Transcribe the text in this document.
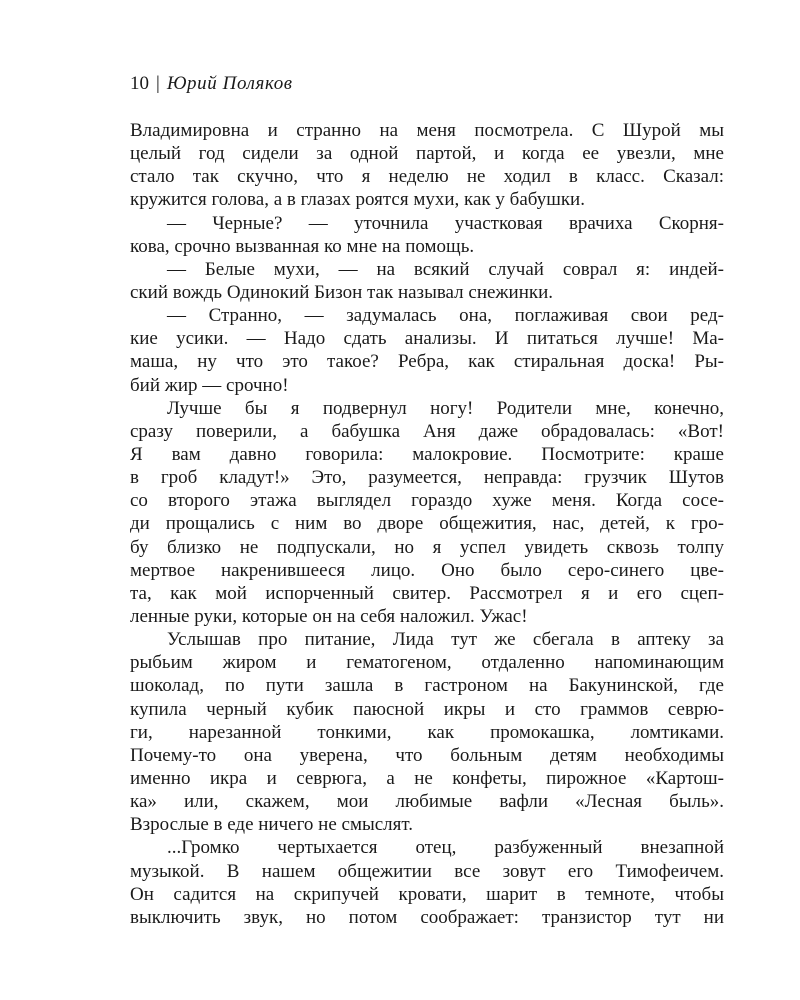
10 | Юрий Поляков
Владимировна и странно на меня посмотрела. С Шурой мы
целый год сидели за одной партой, и когда ее увезли, мне
стало так скучно, что я неделю не ходил в класс. Сказал:
кружится голова, а в глазах роятся мухи, как у бабушки.
— Черные? — уточнила участковая врачиха Скорня-
кова, срочно вызванная ко мне на помощь.
— Белые мухи, — на всякий случай соврал я: индей-
ский вождь Одинокий Бизон так называл снежинки.
— Странно, — задумалась она, поглаживая свои ред-
кие усики. — Надо сдать анализы. И питаться лучше! Ма-
маша, ну что это такое? Ребра, как стиральная доска! Ры-
бий жир — срочно!
Лучше бы я подвернул ногу! Родители мне, конечно,
сразу поверили, а бабушка Аня даже обрадовалась: «Вот!
Я вам давно говорила: малокровие. Посмотрите: краше
в гроб кладут!» Это, разумеется, неправда: грузчик Шутов
со второго этажа выглядел гораздо хуже меня. Когда сосе-
ди прощались с ним во дворе общежития, нас, детей, к гро-
бу близко не подпускали, но я успел увидеть сквозь толпу
мертвое накренившееся лицо. Оно было серо-синего цве-
та, как мой испорченный свитер. Рассмотрел я и его сцеп-
ленные руки, которые он на себя наложил. Ужас!
Услышав про питание, Лида тут же сбегала в аптеку за
рыбьим жиром и гематогеном, отдаленно напоминающим
шоколад, по пути зашла в гастроном на Бакунинской, где
купила черный кубик паюсной икры и сто граммов севрю-
ги, нарезанной тонкими, как промокашка, ломтиками.
Почему-то она уверена, что больным детям необходимы
именно икра и севрюга, а не конфеты, пирожное «Картош-
ка» или, скажем, мои любимые вафли «Лесная быль».
Взрослые в еде ничего не смыслят.
...Громко чертыхается отец, разбуженный внезапной
музыкой. В нашем общежитии все зовут его Тимофеичем.
Он садится на скрипучей кровати, шарит в темноте, чтобы
выключить звук, но потом соображает: транзистор тут ни
